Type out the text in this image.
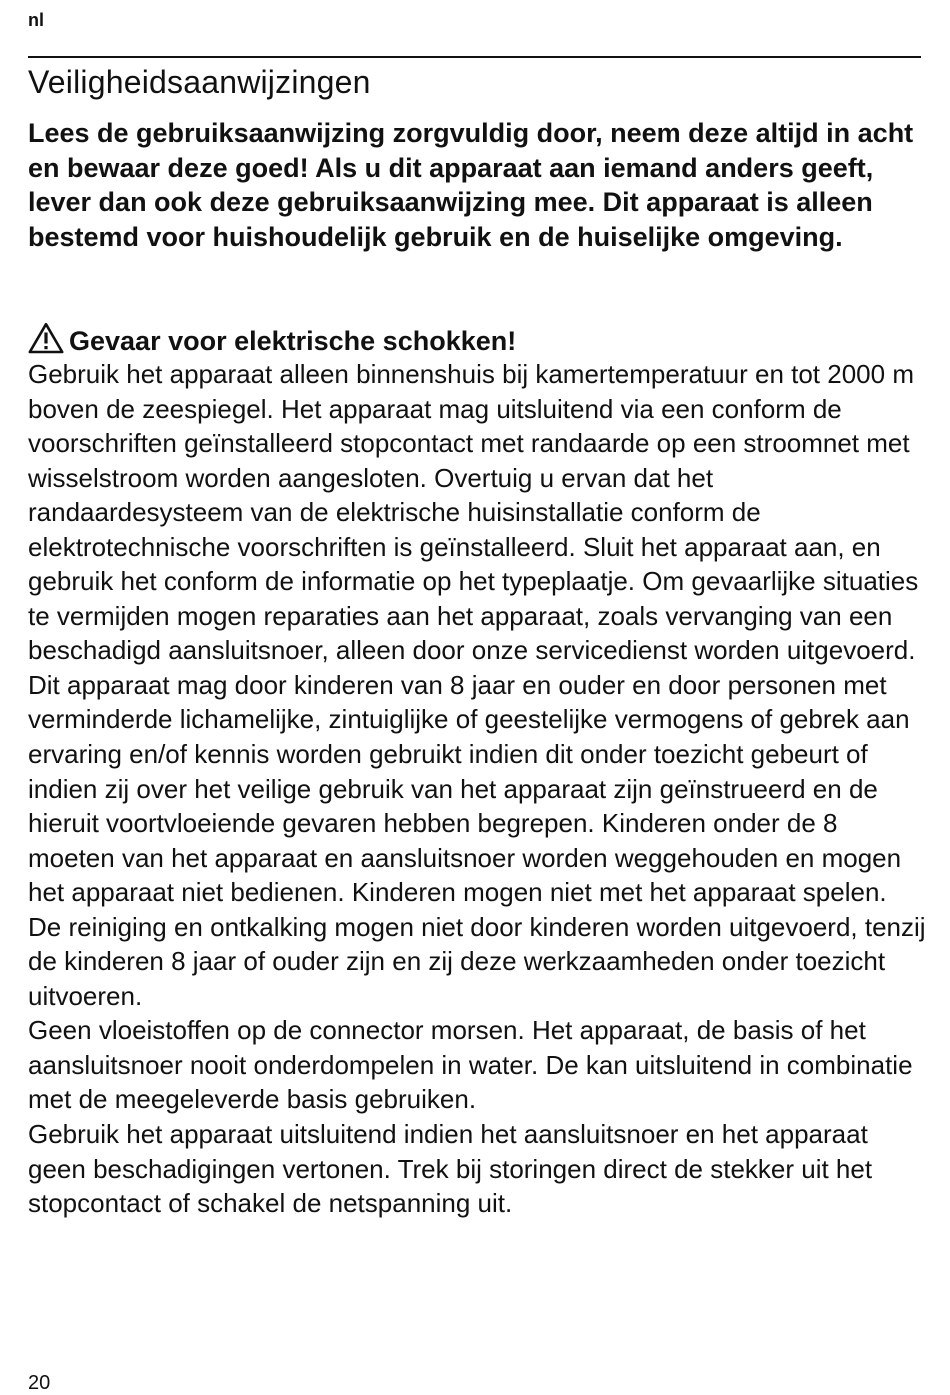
nl
Veiligheidsaanwijzingen

Lees de gebruiksaanwijzing zorgvuldig door, neem deze altijd in acht en bewaar deze goed! Als u dit apparaat aan iemand anders geeft, lever dan ook deze gebruiksaanwijzing mee. Dit apparaat is alleen bestemd voor huishoudelijk gebruik en de huiselijke omgeving.

Gevaar voor elektrische schokken!

Gebruik het apparaat alleen binnenshuis bij kamertemperatuur en tot 2000 m boven de zeespiegel. Het apparaat mag uitsluitend via een conform de voorschriften geïnstalleerd stopcontact met randaarde op een stroomnet met wisselstroom worden aangesloten. Overtuig u ervan dat het randaardesysteem van de elektrische huisinstallatie conform de elektrotechnische voorschriften is geïnstalleerd. Sluit het apparaat aan, en gebruik het conform de informatie op het typeplaatje. Om gevaarlijke situaties te vermijden mogen reparaties aan het apparaat, zoals vervanging van een beschadigd aansluitsnoer, alleen door onze servicedienst worden uitgevoerd.

Dit apparaat mag door kinderen van 8 jaar en ouder en door personen met verminderde lichamelijke, zintuiglijke of geestelijke vermogens of gebrek aan ervaring en/of kennis worden gebruikt indien dit onder toezicht gebeurt of indien zij over het veilige gebruik van het apparaat zijn geïnstrueerd en de hieruit voortvloeiende gevaren hebben begrepen. Kinderen onder de 8 moeten van het apparaat en aansluitsnoer worden weggehouden en mogen het apparaat niet bedienen. Kinderen mogen niet met het apparaat spelen.

De reiniging en ontkalking mogen niet door kinderen worden uitgevoerd, tenzij de kinderen 8 jaar of ouder zijn en zij deze werkzaamheden onder toezicht uitvoeren.

Geen vloeistoffen op de connector morsen. Het apparaat, de basis of het aansluitsnoer nooit onderdompelen in water. De kan uitsluitend in combinatie met de meegeleverde basis gebruiken.

Gebruik het apparaat uitsluitend indien het aansluitsnoer en het apparaat geen beschadigingen vertonen. Trek bij storingen direct de stekker uit het stopcontact of schakel de netspanning uit.

20
